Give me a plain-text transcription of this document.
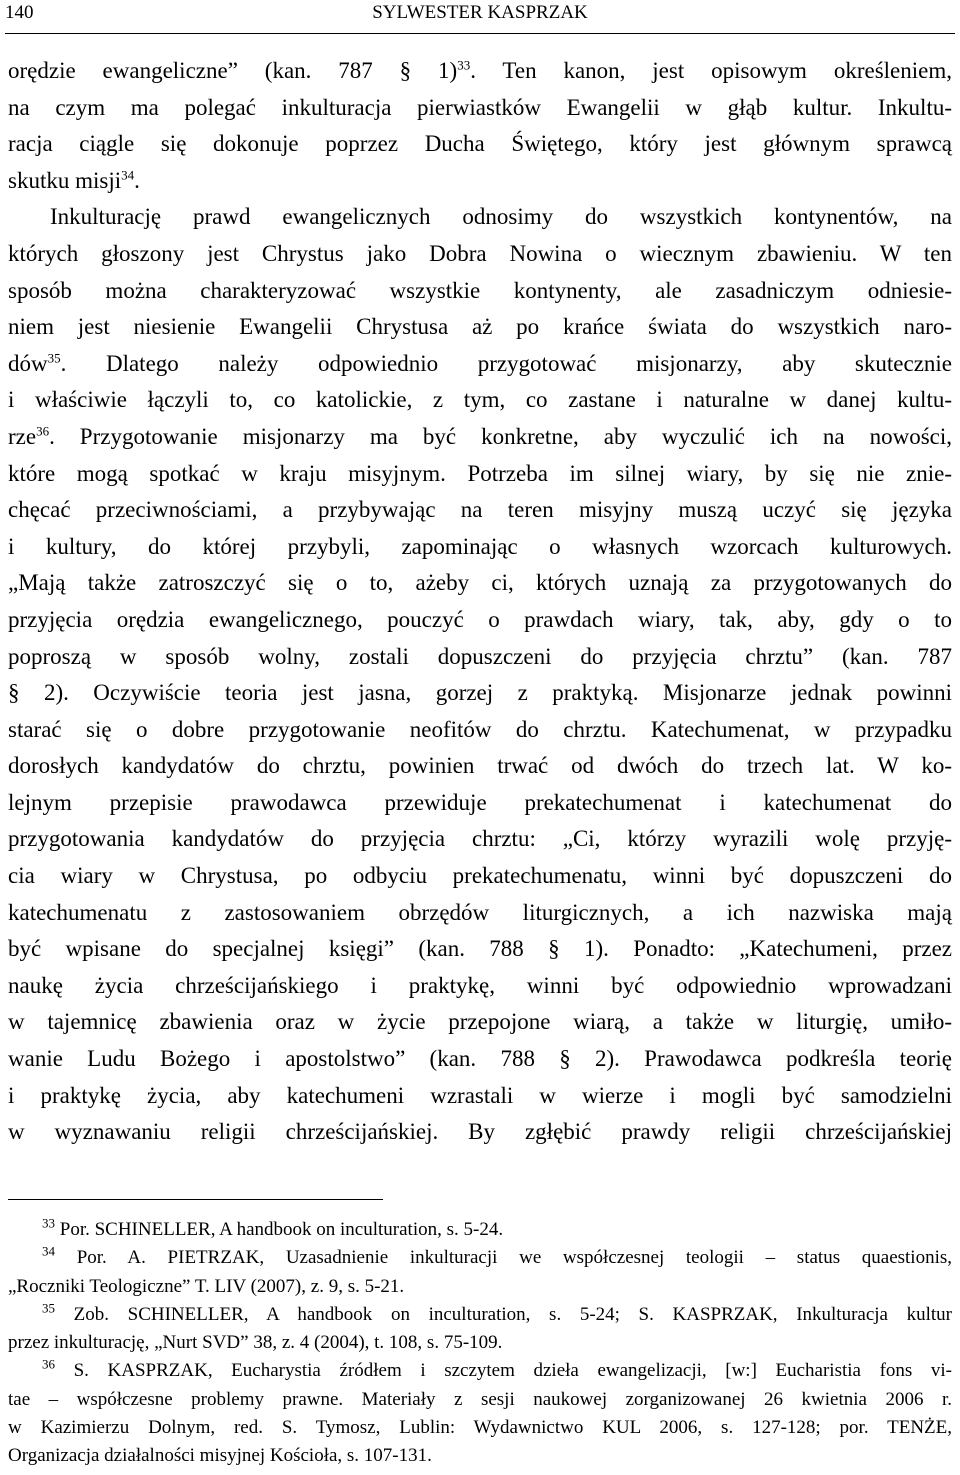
140	SYLWESTER KASPRZAK

orędzie ewangeliczne” (kan. 787 § 1)$^{33}$. Ten kanon, jest opisowym określeniem,

na czym ma polegać inkulturacja pierwiastków Ewangelii w głąb kultur. Inkultu-

racja ciągle się dokonuje poprzez Ducha Świętego, który jest głównym sprawcą

skutku misji$^{34}$.

Inkulturację prawd ewangelicznych odnosimy do wszystkich kontynentów, na

których głoszony jest Chrystus jako Dobra Nowina o wiecznym zbawieniu. W ten

sposób można charakteryzować wszystkie kontynenty, ale zasadniczym odniesie-

niem jest niesienie Ewangelii Chrystusa aż po krańce świata do wszystkich naro-

dów$^{35}$. Dlatego należy odpowiednio przygotować misjonarzy, aby skutecznie

i właściwie łączyli to, co katolickie, z tym, co zastane i naturalne w danej kultu-

rze$^{36}$. Przygotowanie misjonarzy ma być konkretne, aby wyczulić ich na nowości,

które mogą spotkać w kraju misyjnym. Potrzeba im silnej wiary, by się nie znie-

chęcać przeciwnościami, a przybywając na teren misyjny muszą uczyć się języka

i kultury, do której przybyli, zapominając o własnych wzorcach kulturowych.

„Mają także zatroszczyć się o to, ażeby ci, których uznają za przygotowanych do

przyjęcia orędzia ewangelicznego, pouczyć o prawdach wiary, tak, aby, gdy o to

poproszą w sposób wolny, zostali dopuszczeni do przyjęcia chrztu” (kan. 787

§ 2). Oczywiście teoria jest jasna, gorzej z praktyką. Misjonarze jednak powinni

starać się o dobre przygotowanie neofitów do chrztu. Katechumenat, w przypadku

dorosłych kandydatów do chrztu, powinien trwać od dwóch do trzech lat. W ko-

lejnym przepisie prawodawca przewiduje prekatechumenat i katechumenat do

przygotowania kandydatów do przyjęcia chrztu: „Ci, którzy wyrazili wolę przyję-

cia wiary w Chrystusa, po odbyciu prekatechumenatu, winni być dopuszczeni do

katechumenatu z zastosowaniem obrzędów liturgicznych, a ich nazwiska mają

być wpisane do specjalnej księgi” (kan. 788 § 1). Ponadto: „Katechumeni, przez

naukę życia chrześcijańskiego i praktykę, winni być odpowiednio wprowadzani

w tajemnicę zbawienia oraz w życie przepojone wiarą, a także w liturgię, umiło-

wanie Ludu Bożego i apostolstwo” (kan. 788 § 2). Prawodawca podkreśla teorię

i praktykę życia, aby katechumeni wzrastali w wierze i mogli być samodzielni

w wyznawaniu religii chrześcijańskiej. By zgłębić prawdy religii chrześcijańskiej

$^{33}$ Por. SCHINELLER, A handbook on inculturation, s. 5-24.

$^{34}$ Por. A. PIETRZAK, Uzasadnienie inkulturacji we współczesnej teologii – status quaestionis,

„Roczniki Teologiczne” T. LIV (2007), z. 9, s. 5-21.

$^{35}$ Zob. SCHINELLER, A handbook on inculturation, s. 5-24; S. KASPRZAK, Inkulturacja kultur

przez inkulturację, „Nurt SVD” 38, z. 4 (2004), t. 108, s. 75-109.

$^{36}$ S. KASPRZAK, Eucharystia źródłem i szczytem dzieła ewangelizacji, [w:] Eucharistia fons vi-

tae – współczesne problemy prawne. Materiały z sesji naukowej zorganizowanej 26 kwietnia 2006 r.

w Kazimierzu Dolnym, red. S. Tymosz, Lublin: Wydawnictwo KUL 2006, s. 127-128; por. TENŻE,

Organizacja działalności misyjnej Kościoła, s. 107-131.
